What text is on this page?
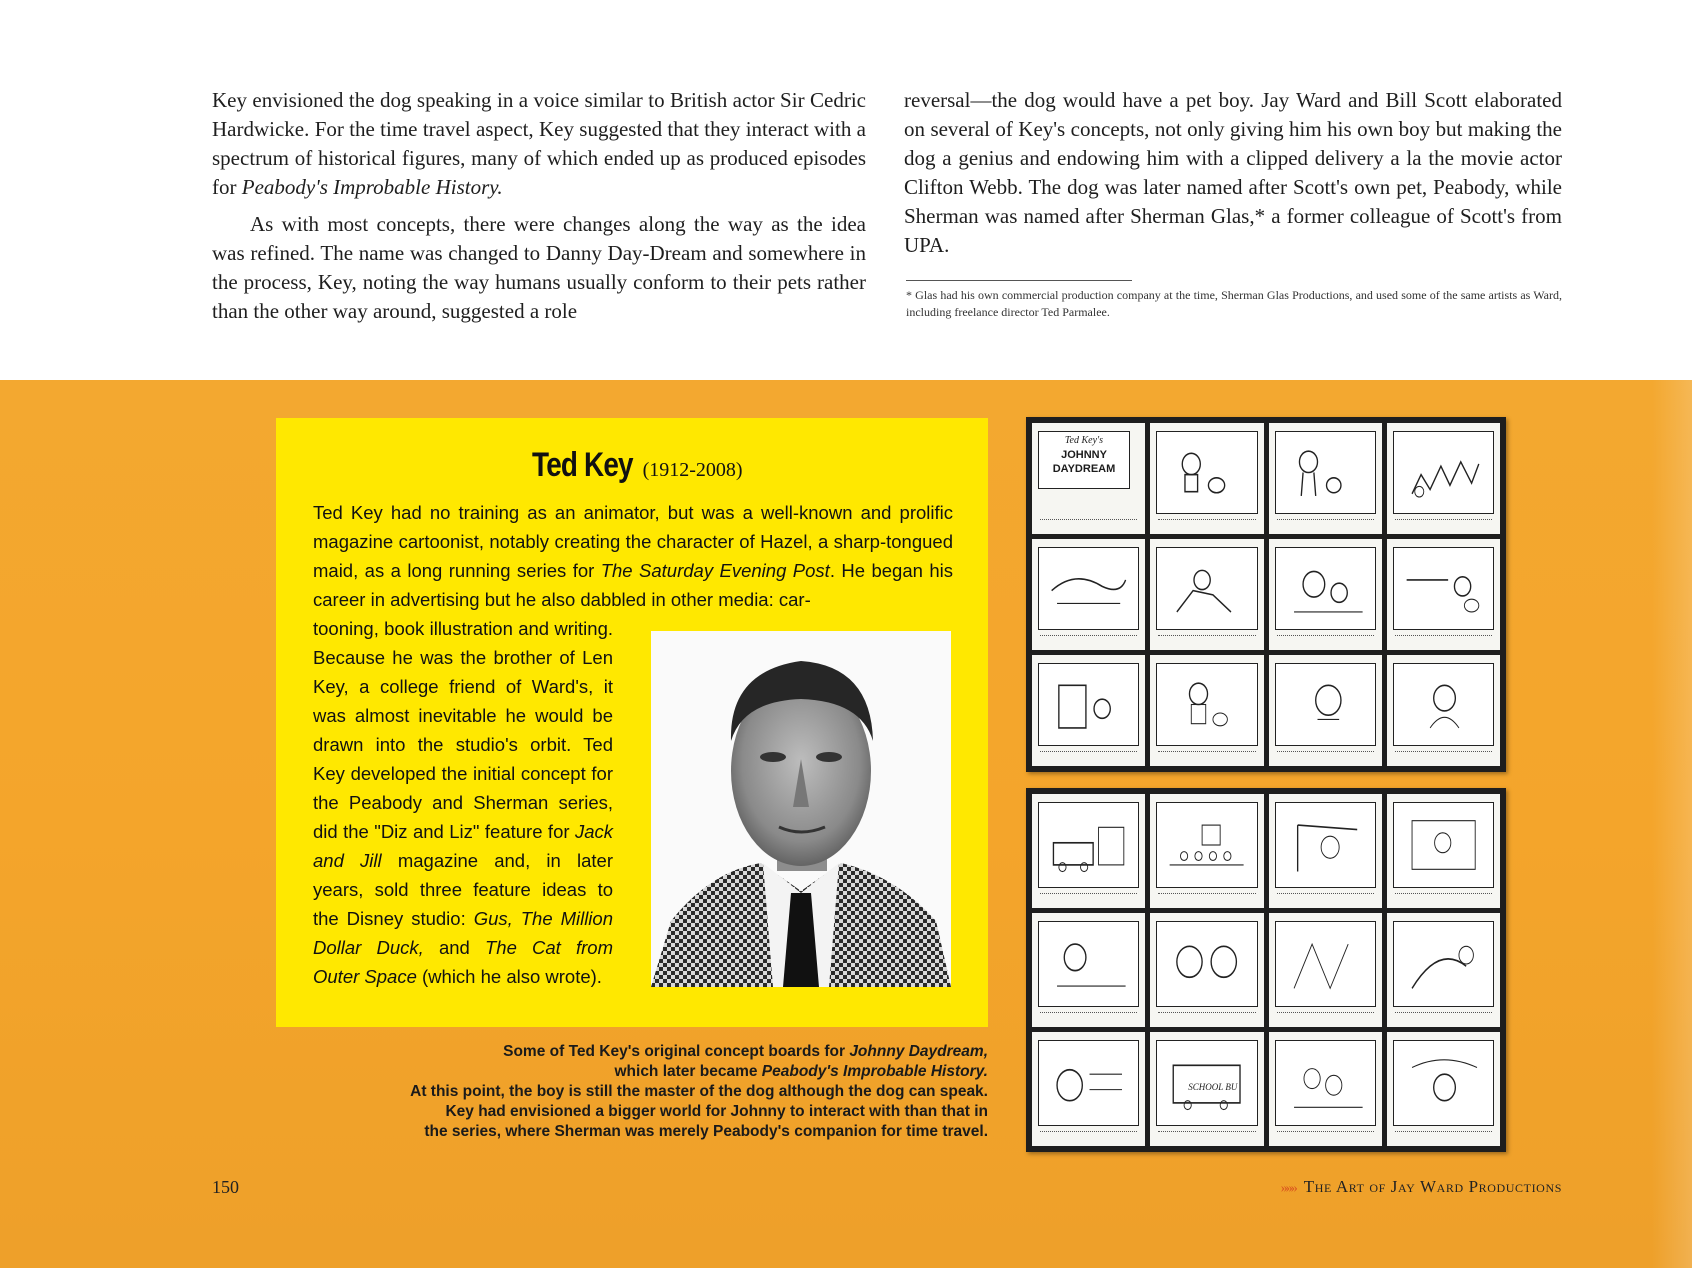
Key envisioned the dog speaking in a voice similar to British actor Sir Cedric Hardwicke. For the time travel aspect, Key suggested that they interact with a spectrum of historical figures, many of which ended up as produced episodes for Peabody's Improbable History.

As with most concepts, there were changes along the way as the idea was refined. The name was changed to Danny Day-Dream and somewhere in the process, Key, noting the way humans usually conform to their pets rather than the other way around, suggested a role

reversal—the dog would have a pet boy. Jay Ward and Bill Scott elaborated on several of Key's concepts, not only giving him his own boy but making the dog a genius and endowing him with a clipped delivery a la the movie actor Clifton Webb. The dog was later named after Scott's own pet, Peabody, while Sherman was named after Sherman Glas,* a former colleague of Scott's from UPA.

* Glas had his own commercial production company at the time, Sherman Glas Productions, and used some of the same artists as Ward, including freelance director Ted Parmalee.
Ted Key (1912-2008)

Ted Key had no training as an animator, but was a well-known and prolific magazine cartoonist, notably creating the character of Hazel, a sharp-tongued maid, as a long running series for The Saturday Evening Post. He began his career in advertising but he also dabbled in other media: car-

tooning, book illustration and writing. Because he was the brother of Len Key, a college friend of Ward's, it was almost inevitable he would be drawn into the studio's orbit. Ted Key developed the initial concept for the Peabody and Sherman series, did the "Diz and Liz" feature for Jack and Jill magazine and, in later years, sold three feature ideas to the Disney studio: Gus, The Million Dollar Duck, and The Cat from Outer Space (which he also wrote).
Some of Ted Key's original concept boards for Johnny Daydream,
which later became Peabody's Improbable History.
At this point, the boy is still the master of the dog although the dog can speak.
Key had envisioned a bigger world for Johnny to interact with than that in
the series, where Sherman was merely Peabody's companion for time travel.
Ted Key's
JOHNNY
DAYDREAM
SCHOOL BU
150	»»» The Art of Jay Ward Productions
